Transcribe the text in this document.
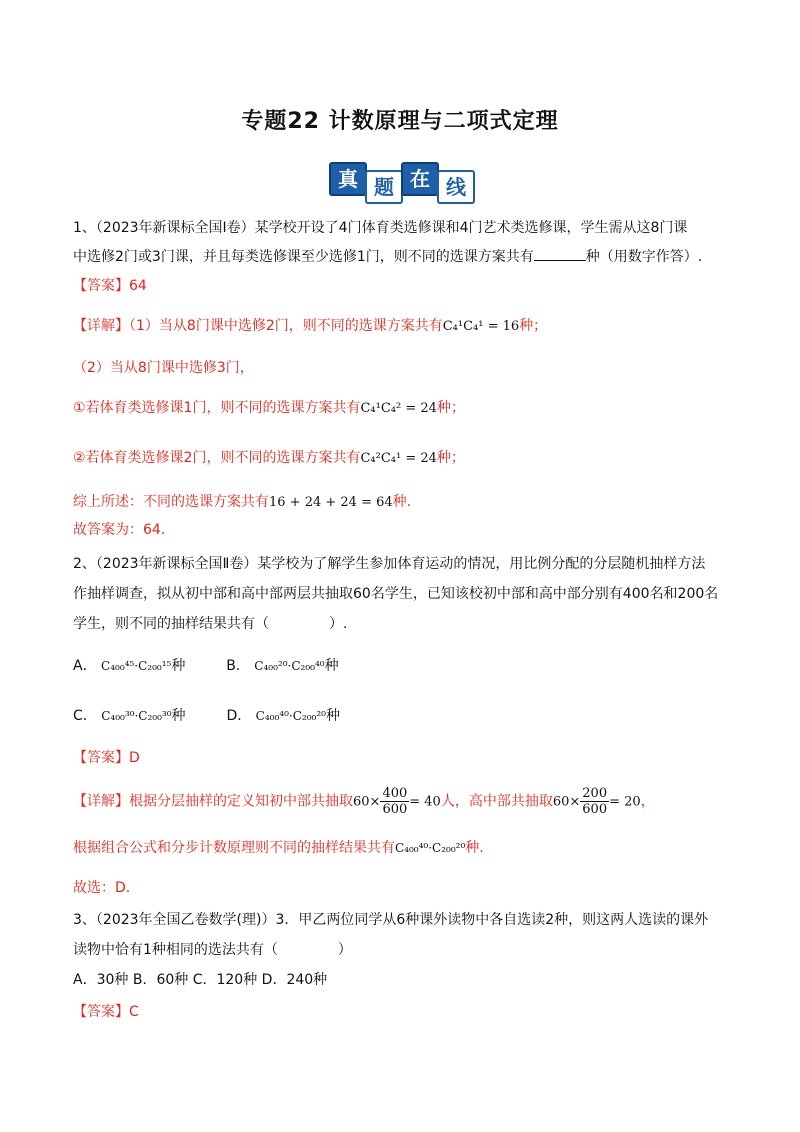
专题22 计数原理与二项式定理
真 题 在 线
1、（2023年新课标全国Ⅰ卷）某学校开设了4门体育类选修课和4门艺术类选修课，学生需从这8门课
中选修2门或3门课，并且每类选修课至少选修1门，则不同的选课方案共有	种（用数字作答）.
【答案】64
【详解】（1）当从8门课中选修2门，则不同的选课方案共有C₄¹C₄¹ = 16种；
（2）当从8门课中选修3门，
①若体育类选修课1门，则不同的选课方案共有C₄¹C₄² = 24种；
②若体育类选修课2门，则不同的选课方案共有C₄²C₄¹ = 24种；
综上所述：不同的选课方案共有16 + 24 + 24 = 64种.
故答案为：64.
2、（2023年新课标全国Ⅱ卷）某学校为了解学生参加体育运动的情况，用比例分配的分层随机抽样方法
作抽样调查，拟从初中部和高中部两层共抽取60名学生，已知该校初中部和高中部分别有400名和200名
学生，则不同的抽样结果共有（	）.
A． C₄₀₀⁴⁵·C₂₀₀¹⁵种	B． C₄₀₀²⁰·C₂₀₀⁴⁰种
C． C₄₀₀³⁰·C₂₀₀³⁰种	D． C₄₀₀⁴⁰·C₂₀₀²⁰种
【答案】D
【详解】根据分层抽样的定义知初中部共抽取$60\times \frac{400}{600} = 40$人，高中部共抽取$60\times \frac{200}{600} = 20$，
根据组合公式和分步计数原理则不同的抽样结果共有C₄₀₀⁴⁰·C₂₀₀²⁰种.
故选：D.
3、（2023年全国乙卷数学(理)）3．甲乙两位同学从6种课外读物中各自选读2种，则这两人选读的课外
读物中恰有1种相同的选法共有（	）
A．30种 B．60种 C．120种 D．240种
【答案】C
